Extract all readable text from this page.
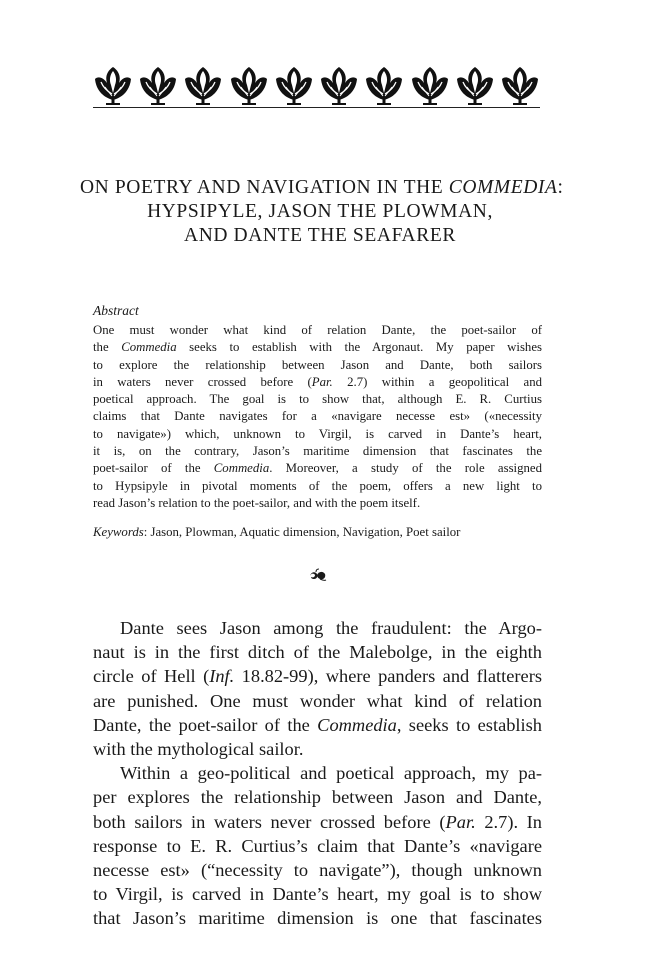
ON POETRY AND NAVIGATION IN THE COMMEDIA:
HYPSIPYLE, JASON THE PLOWMAN,
AND DANTE THE SEAFARER
Abstract
One must wonder what kind of relation Dante, the poet-sailor of
the Commedia seeks to establish with the Argonaut. My paper wishes
to explore the relationship between Jason and Dante, both sailors
in waters never crossed before (Par. 2.7) within a geopolitical and
poetical approach. The goal is to show that, although E. R. Curtius
claims that Dante navigates for a «navigare necesse est» («necessity
to navigate») which, unknown to Virgil, is carved in Dante’s heart,
it is, on the contrary, Jason’s maritime dimension that fascinates the
poet-sailor of the Commedia. Moreover, a study of the role assigned
to Hypsipyle in pivotal moments of the poem, offers a new light to
read Jason’s relation to the poet-sailor, and with the poem itself.
Keywords: Jason, Plowman, Aquatic dimension, Navigation, Poet sailor
Dante sees Jason among the fraudulent: the Argo-
naut is in the first ditch of the Malebolge, in the eighth
circle of Hell (Inf. 18.82-99), where panders and flatterers
are punished. One must wonder what kind of relation
Dante, the poet-sailor of the Commedia, seeks to establish
with the mythological sailor.
Within a geo-political and poetical approach, my pa-
per explores the relationship between Jason and Dante,
both sailors in waters never crossed before (Par. 2.7). In
response to E. R. Curtius’s claim that Dante’s «navigare
necesse est» (“necessity to navigate”), though unknown
to Virgil, is carved in Dante’s heart, my goal is to show
that Jason’s maritime dimension is one that fascinates
